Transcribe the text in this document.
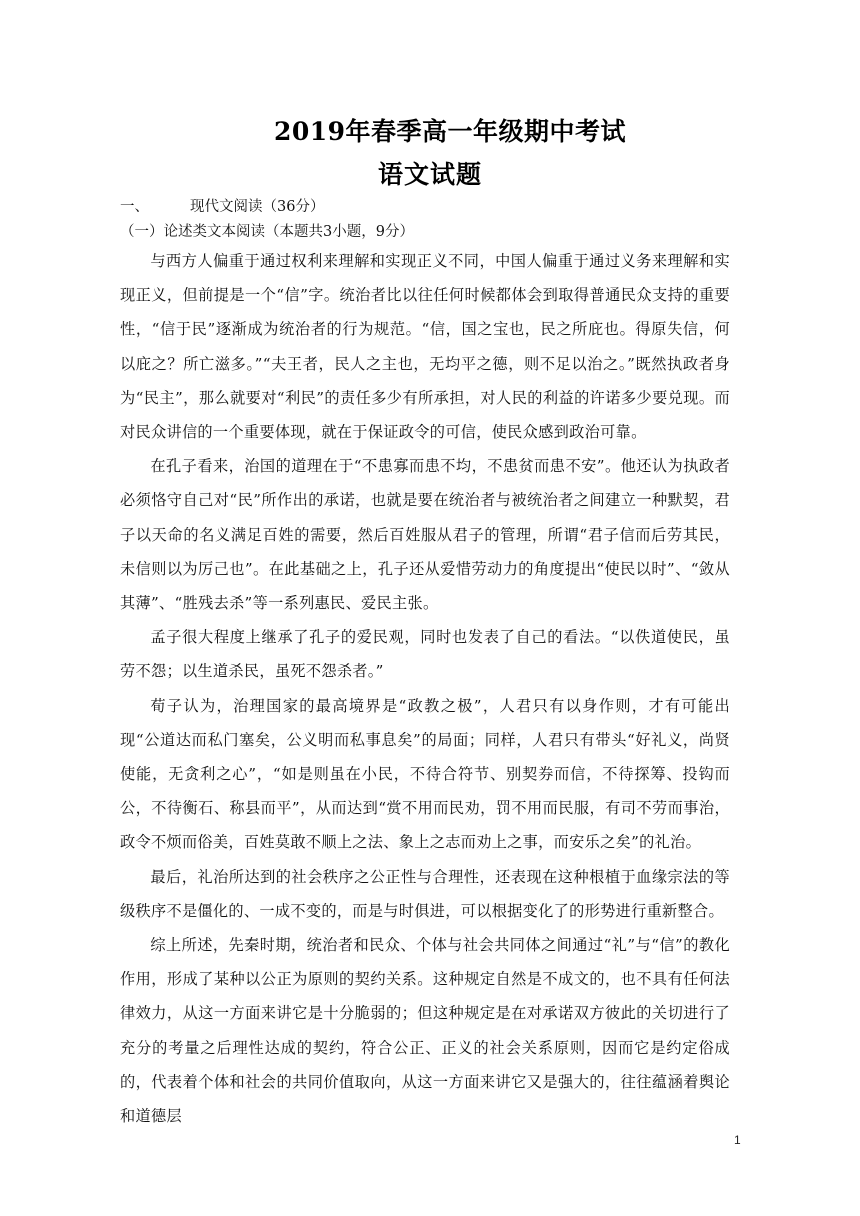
2019年春季高一年级期中考试
语文试题
一、	现代文阅读（36分）
（一）论述类文本阅读（本题共3小题，9分）

与西方人偏重于通过权利来理解和实现正义不同，中国人偏重于通过义务来理解和实现正义，但前提是一个“信”字。统治者比以往任何时候都体会到取得普通民众支持的重要性，“信于民”逐渐成为统治者的行为规范。“信，国之宝也，民之所庇也。得原失信，何以庇之？所亡滋多。”“夫王者，民人之主也，无均平之德，则不足以治之。”既然执政者身为“民主”，那么就要对“利民”的责任多少有所承担，对人民的利益的许诺多少要兑现。而对民众讲信的一个重要体现，就在于保证政令的可信，使民众感到政治可靠。

在孔子看来，治国的道理在于“不患寡而患不均，不患贫而患不安”。他还认为执政者必须恪守自己对“民”所作出的承诺，也就是要在统治者与被统治者之间建立一种默契，君子以天命的名义满足百姓的需要，然后百姓服从君子的管理，所谓“君子信而后劳其民，未信则以为厉己也”。在此基础之上，孔子还从爱惜劳动力的角度提出“使民以时”、“敛从其薄”、“胜残去杀”等一系列惠民、爱民主张。

孟子很大程度上继承了孔子的爱民观，同时也发表了自己的看法。“以佚道使民，虽劳不怨；以生道杀民，虽死不怨杀者。”

荀子认为，治理国家的最高境界是“政教之极”，人君只有以身作则，才有可能出现“公道达而私门塞矣，公义明而私事息矣”的局面；同样，人君只有带头“好礼义，尚贤使能，无贪利之心”，“如是则虽在小民，不待合符节、别契券而信，不待探筹、投钩而公，不待衡石、称县而平”，从而达到“赏不用而民劝，罚不用而民服，有司不劳而事治，政令不烦而俗美，百姓莫敢不顺上之法、象上之志而劝上之事，而安乐之矣”的礼治。

最后，礼治所达到的社会秩序之公正性与合理性，还表现在这种根植于血缘宗法的等级秩序不是僵化的、一成不变的，而是与时俱进，可以根据变化了的形势进行重新整合。

综上所述，先秦时期，统治者和民众、个体与社会共同体之间通过“礼”与“信”的教化作用，形成了某种以公正为原则的契约关系。这种规定自然是不成文的，也不具有任何法律效力，从这一方面来讲它是十分脆弱的；但这种规定是在对承诺双方彼此的关切进行了充分的考量之后理性达成的契约，符合公正、正义的社会关系原则，因而它是约定俗成的，代表着个体和社会的共同价值取向，从这一方面来讲它又是强大的，往往蕴涵着舆论和道德层

1
